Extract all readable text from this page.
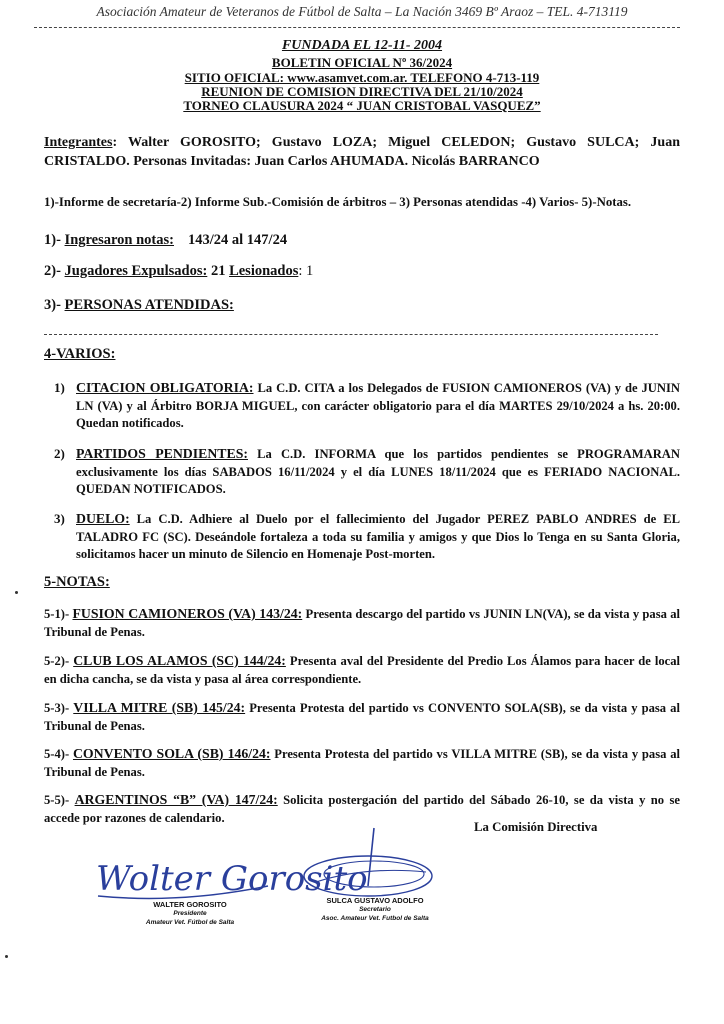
Asociación Amateur de Veteranos de Fútbol de Salta – La Nación 3469 Bº Araoz – TEL. 4-713119
FUNDADA EL 12-11- 2004
BOLETIN OFICIAL Nº 36/2024
SITIO OFICIAL: www.asamvet.com.ar. TELEFONO 4-713-119
REUNION DE COMISION DIRECTIVA DEL 21/10/2024
TORNEO CLAUSURA 2024 “ JUAN CRISTOBAL VASQUEZ”
Integrantes: Walter GOROSITO; Gustavo LOZA; Miguel CELEDON; Gustavo SULCA; Juan CRISTALDO. Personas Invitadas: Juan Carlos AHUMADA. Nicolás BARRANCO
1)-Informe de secretaría-2) Informe Sub.-Comisión de árbitros – 3) Personas atendidas -4) Varios- 5)-Notas.
1)- Ingresaron notas: 143/24 al 147/24
2)- Jugadores Expulsados: 21 Lesionados: 1
3)- PERSONAS ATENDIDAS:
4-VARIOS:
1) CITACION OBLIGATORIA: La C.D. CITA a los Delegados de FUSION CAMIONEROS (VA) y de JUNIN LN (VA) y al Árbitro BORJA MIGUEL, con carácter obligatorio para el día MARTES 29/10/2024 a hs. 20:00. Quedan notificados.
2) PARTIDOS PENDIENTES: La C.D. INFORMA que los partidos pendientes se PROGRAMARAN exclusivamente los días SABADOS 16/11/2024 y el día LUNES 18/11/2024 que es FERIADO NACIONAL. QUEDAN NOTIFICADOS.
3) DUELO: La C.D. Adhiere al Duelo por el fallecimiento del Jugador PEREZ PABLO ANDRES de EL TALADRO FC (SC). Deseándole fortaleza a toda su familia y amigos y que Dios lo Tenga en su Santa Gloria, solicitamos hacer un minuto de Silencio en Homenaje Post-morten.
5-NOTAS:
5-1)- FUSION CAMIONEROS (VA) 143/24: Presenta descargo del partido vs JUNIN LN(VA), se da vista y pasa al Tribunal de Penas.
5-2)- CLUB LOS ALAMOS (SC) 144/24: Presenta aval del Presidente del Predio Los Álamos para hacer de local en dicha cancha, se da vista y pasa al área correspondiente.
5-3)- VILLA MITRE (SB) 145/24: Presenta Protesta del partido vs CONVENTO SOLA(SB), se da vista y pasa al Tribunal de Penas.
5-4)- CONVENTO SOLA (SB) 146/24: Presenta Protesta del partido vs VILLA MITRE (SB), se da vista y pasa al Tribunal de Penas.
5-5)- ARGENTINOS “B” (VA) 147/24: Solicita postergación del partido del Sábado 26-10, se da vista y no se accede por razones de calendario.
La Comisión Directiva
Wolter Gorosito
WALTER GOROSITO
Presidente
Amateur Vet. Fútbol de Salta
SULCA GUSTAVO ADOLFO
Secretario
Asoc. Amateur Vet. Futbol de Salta
